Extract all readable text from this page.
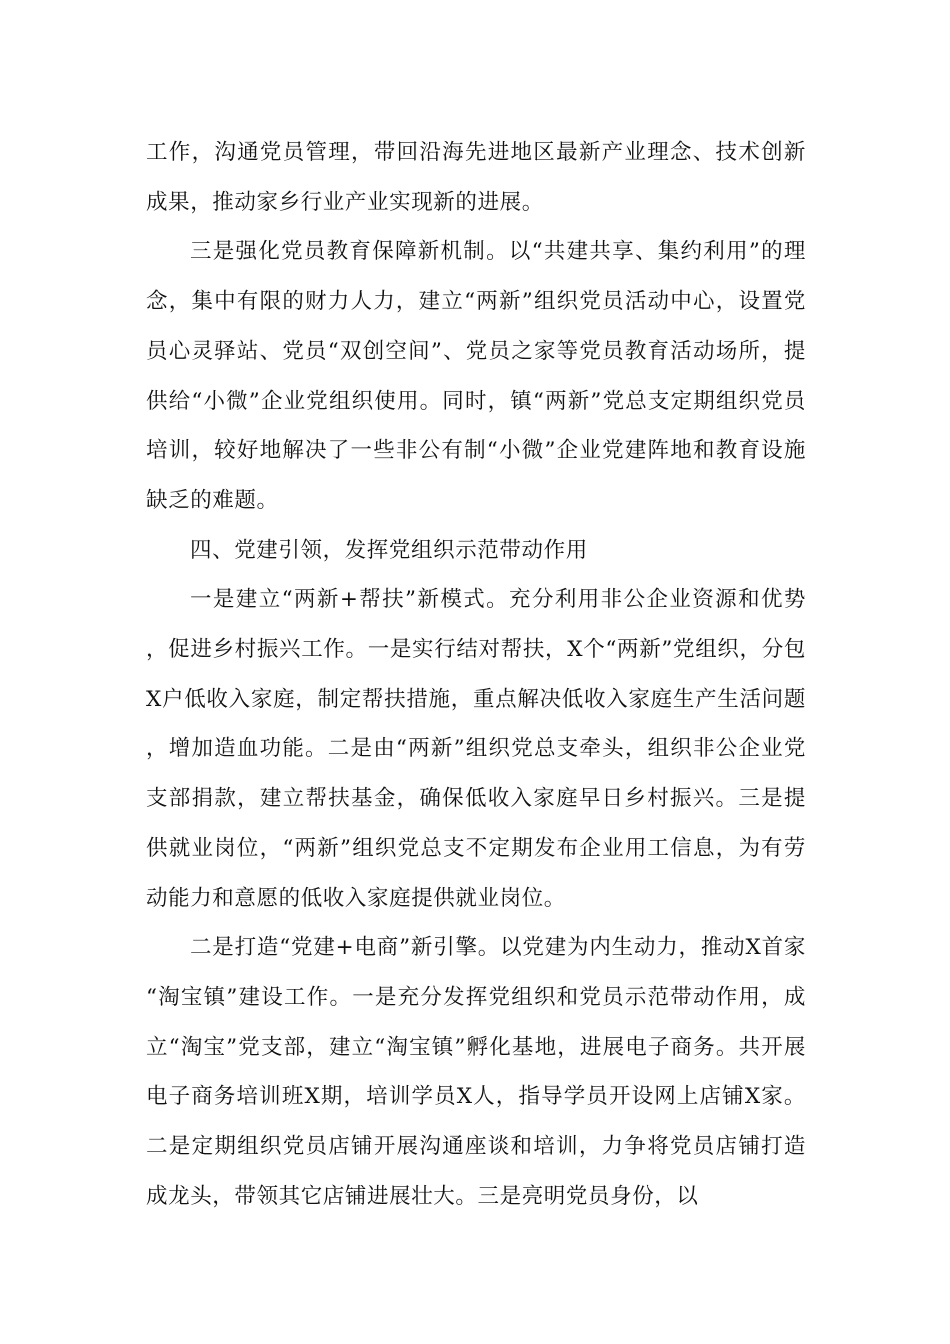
工作，沟通党员管理，带回沿海先进地区最新产业理念、技术创新成果，推动家乡行业产业实现新的进展。

三是强化党员教育保障新机制。以“共建共享、集约利用”的理念，集中有限的财力人力，建立“两新”组织党员活动中心，设置党员心灵驿站、党员“双创空间”、党员之家等党员教育活动场所，提供给“小微”企业党组织使用。同时，镇“两新”党总支定期组织党员培训，较好地解决了一些非公有制“小微”企业党建阵地和教育设施缺乏的难题。

四、党建引领，发挥党组织示范带动作用

一是建立“两新+帮扶”新模式。充分利用非公企业资源和优势，促进乡村振兴工作。一是实行结对帮扶，X个“两新”党组织，分包X户低收入家庭，制定帮扶措施，重点解决低收入家庭生产生活问题，增加造血功能。二是由“两新”组织党总支牵头，组织非公企业党支部捐款，建立帮扶基金，确保低收入家庭早日乡村振兴。三是提供就业岗位，“两新”组织党总支不定期发布企业用工信息，为有劳动能力和意愿的低收入家庭提供就业岗位。

二是打造“党建+电商”新引擎。以党建为内生动力，推动X首家“淘宝镇”建设工作。一是充分发挥党组织和党员示范带动作用，成立“淘宝”党支部，建立“淘宝镇”孵化基地，进展电子商务。共开展电子商务培训班X期，培训学员X人，指导学员开设网上店铺X家。二是定期组织党员店铺开展沟通座谈和培训，力争将党员店铺打造成龙头，带领其它店铺进展壮大。三是亮明党员身份，以
